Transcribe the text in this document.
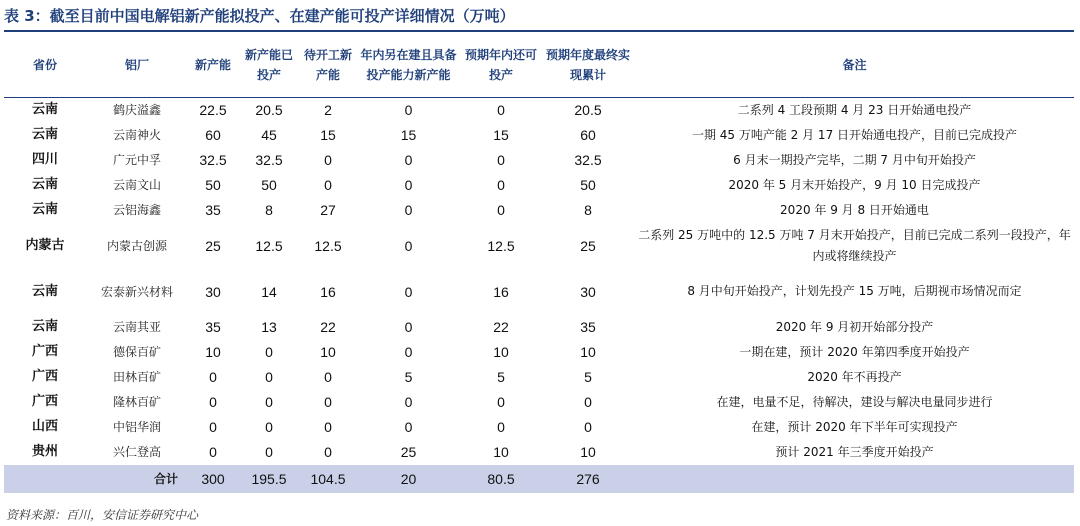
表 3：截至目前中国电解铝新产能拟投产、在建产能可投产详细情况（万吨）
省份	铝厂	新产能	新产能已投产	待开工新产能	年内另在建且具备投产能力新产能	预期年内还可投产	预期年度最终实现累计	备注
云南	鹤庆溢鑫	22.5	20.5	2	0	0	20.5	二系列 4 工段预期 4 月 23 日开始通电投产
云南	云南神火	60	45	15	15	15	60	一期 45 万吨产能 2 月 17 日开始通电投产，目前已完成投产
四川	广元中孚	32.5	32.5	0	0	0	32.5	6 月末一期投产完毕，二期 7 月中旬开始投产
云南	云南文山	50	50	0	0	0	50	2020 年 5 月末开始投产，9 月 10 日完成投产
云南	云铝海鑫	35	8	27	0	0	8	2020 年 9 月 8 日开始通电
内蒙古	内蒙古创源	25	12.5	12.5	0	12.5	25	二系列 25 万吨中的 12.5 万吨 7 月末开始投产，目前已完成二系列一段投产，年内或将继续投产
云南	宏泰新兴材料	30	14	16	0	16	30	8 月中旬开始投产，计划先投产 15 万吨，后期视市场情况而定
云南	云南其亚	35	13	22	0	22	35	2020 年 9 月初开始部分投产
广西	德保百矿	10	0	10	0	10	10	一期在建，预计 2020 年第四季度开始投产
广西	田林百矿	0	0	0	5	5	5	2020 年不再投产
广西	隆林百矿	0	0	0	0	0	0	在建，电量不足，待解决，建设与解决电量同步进行
山西	中铝华润	0	0	0	0	0	0	在建，预计 2020 年下半年可实现投产
贵州	兴仁登高	0	0	0	25	10	10	预计 2021 年三季度开始投产
	合计	300	195.5	104.5	20	80.5	276	
资料来源：百川，安信证券研究中心
